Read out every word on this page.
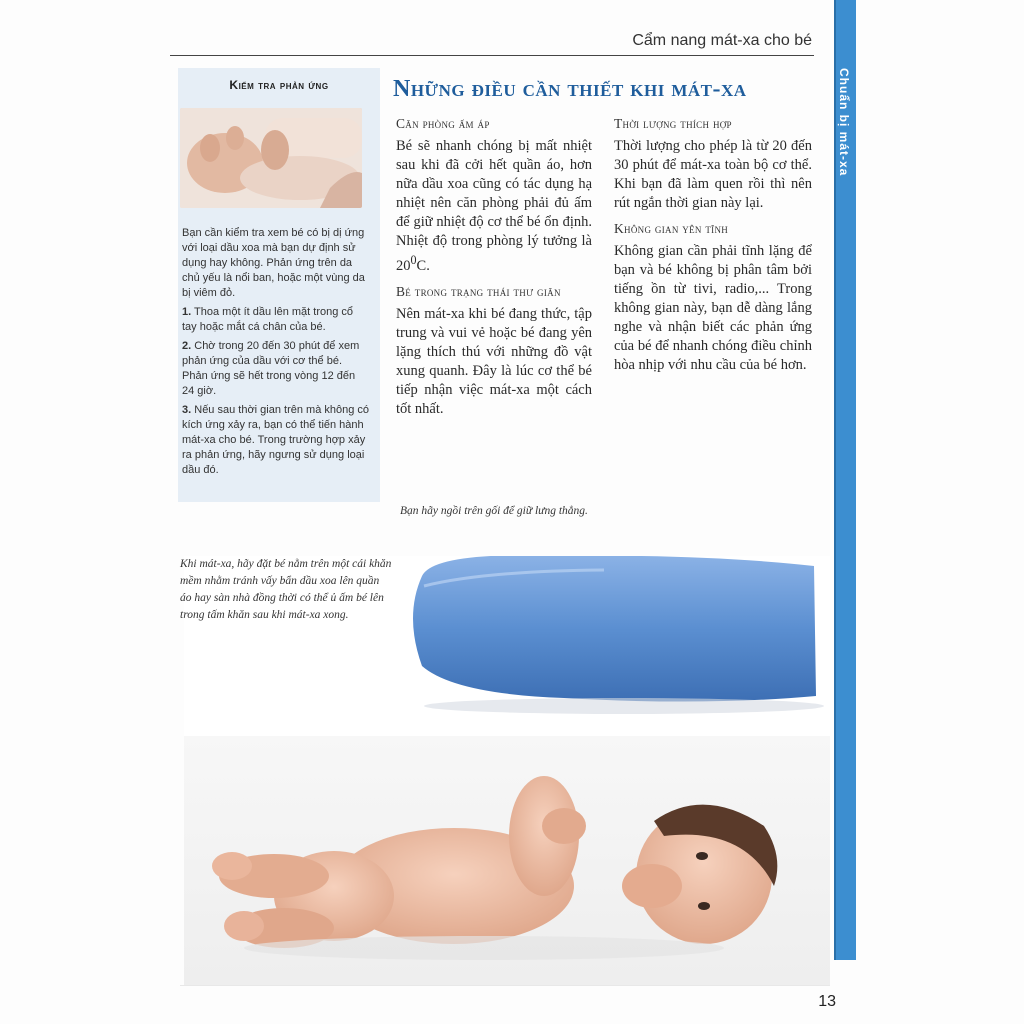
Cẩm nang mát-xa cho bé
Chuẩn bị mát-xa
Kiểm tra phản ứng

Bạn cần kiểm tra xem bé có bị dị ứng với loại dầu xoa mà bạn dự định sử dụng hay không. Phản ứng trên da chủ yếu là nổi ban, hoặc một vùng da bị viêm đỏ.

1. Thoa một ít dầu lên mặt trong cổ tay hoặc mắt cá chân của bé.

2. Chờ trong 20 đến 30 phút để xem phản ứng của dầu với cơ thể bé. Phản ứng sẽ hết trong vòng 12 đến 24 giờ.

3. Nếu sau thời gian trên mà không có kích ứng xảy ra, bạn có thể tiến hành mát-xa cho bé. Trong trường hợp xảy ra phản ứng, hãy ngưng sử dụng loại dầu đó.

Những điều cần thiết khi mát-xa
Căn phòng ấm áp

Bé sẽ nhanh chóng bị mất nhiệt sau khi đã cởi hết quần áo, hơn nữa dầu xoa cũng có tác dụng hạ nhiệt nên căn phòng phải đủ ấm để giữ nhiệt độ cơ thể bé ổn định. Nhiệt độ trong phòng lý tưởng là $20^0C$.

Bé trong trạng thái thư giãn

Nên mát-xa khi bé đang thức, tập trung và vui vẻ hoặc bé đang yên lặng thích thú với những đồ vật xung quanh. Đây là lúc cơ thể bé tiếp nhận việc mát-xa một cách tốt nhất.

Thời lượng thích hợp

Thời lượng cho phép là từ 20 đến 30 phút để mát-xa toàn bộ cơ thể. Khi bạn đã làm quen rồi thì nên rút ngắn thời gian này lại.

Không gian yên tĩnh

Không gian cần phải tĩnh lặng để bạn và bé không bị phân tâm bởi tiếng ồn từ tivi, radio,... Trong không gian này, bạn dễ dàng lắng nghe và nhận biết các phản ứng của bé để nhanh chóng điều chỉnh hòa nhịp với nhu cầu của bé hơn.

Bạn hãy ngồi trên gối để giữ lưng thẳng.
Khi mát-xa, hãy đặt bé nằm trên một cái khăn mềm nhằm tránh vấy bẩn dầu xoa lên quần áo hay sàn nhà đồng thời có thể ủ ấm bé lên trong tấm khăn sau khi mát-xa xong.
13
